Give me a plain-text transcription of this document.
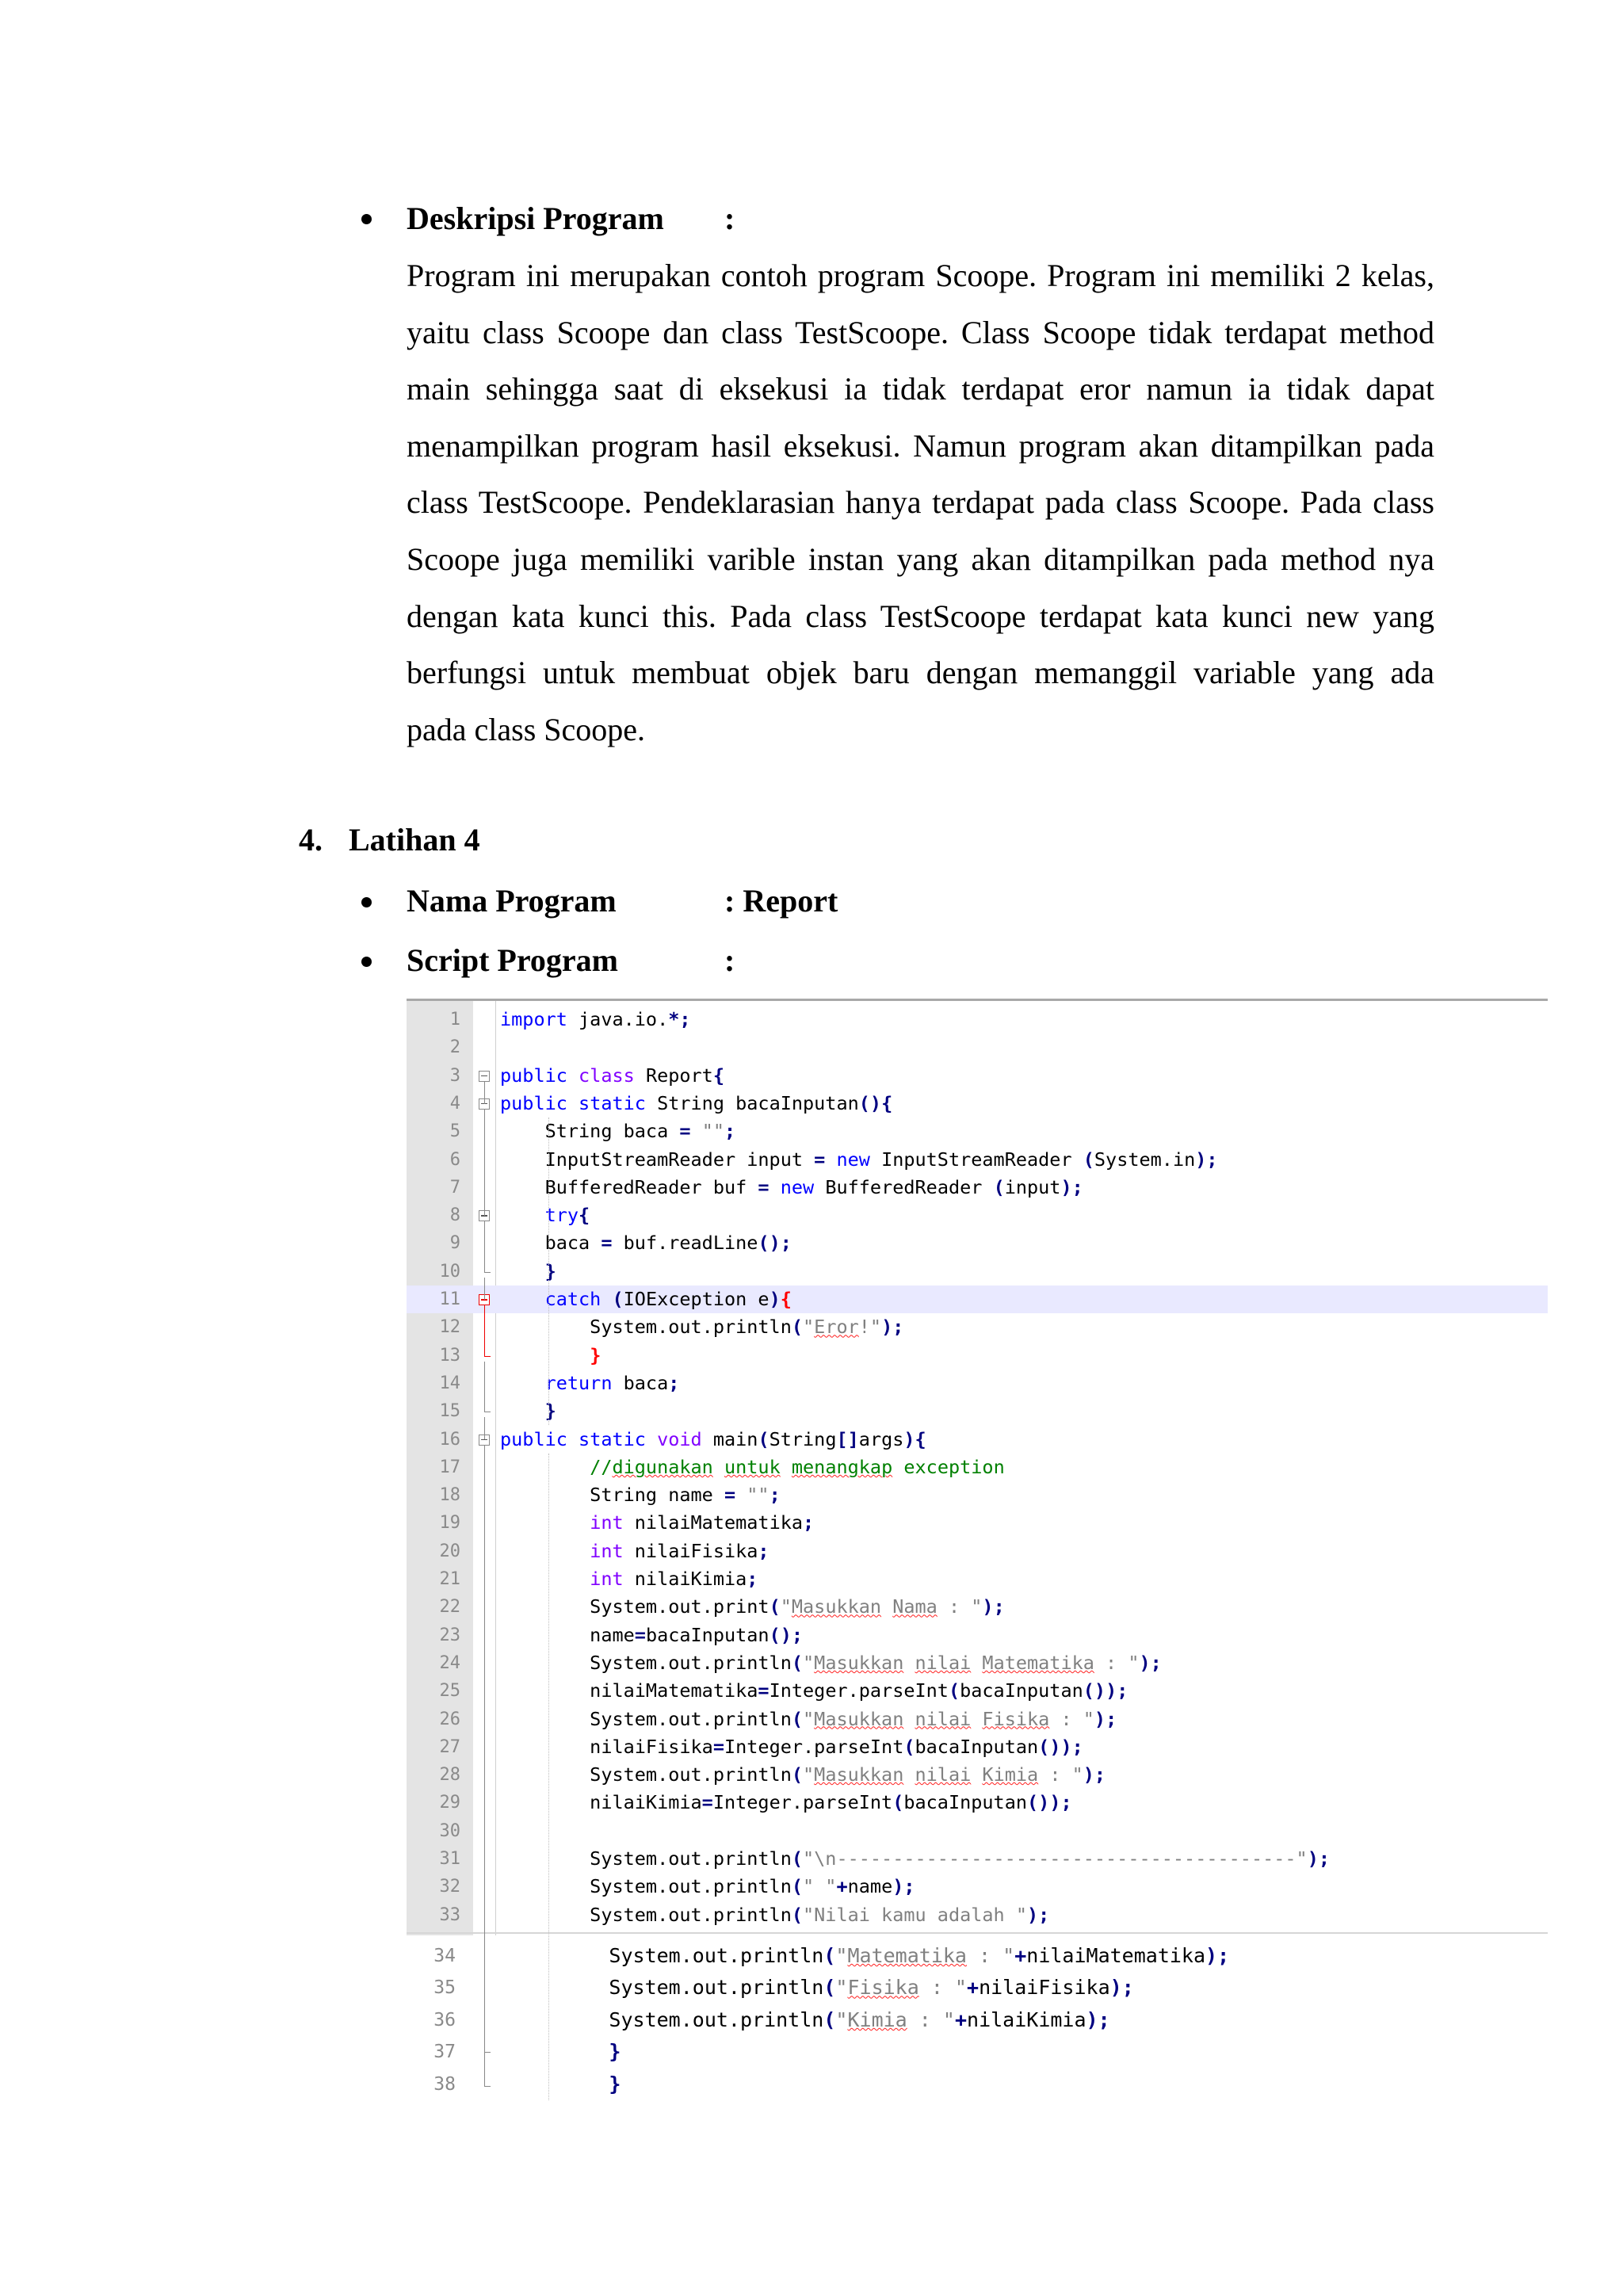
Deskripsi Program :
Program ini merupakan contoh program Scoope. Program ini memiliki 2 kelas,
yaitu class Scoope dan class TestScoope. Class Scoope tidak terdapat method
main sehingga saat di eksekusi ia tidak terdapat eror namun ia tidak dapat
menampilkan program hasil eksekusi. Namun program akan ditampilkan pada
class TestScoope. Pendeklarasian hanya terdapat pada class Scoope. Pada class
Scoope juga memiliki varible instan yang akan ditampilkan pada method nya
dengan kata kunci this. Pada class TestScoope terdapat kata kunci new yang
berfungsi untuk membuat objek baru dengan memanggil variable yang ada
pada class Scoope.
4. Latihan 4
Nama Program	: Report
Script Program	:
1 import java.io.*;
2
3 public class Report{
4 public static String bacaInputan(){
5 String baca = "";
6 InputStreamReader input = new InputStreamReader (System.in);
7 BufferedReader buf = new BufferedReader (input);
8	try{
9 baca = buf.readLine();
10	}
11	catch (IOException e){
12 System.out.println("Eror!");
13	}
14	return baca;
15	}
16 public static void main(String[]args){
17	//digunakan untuk menangkap exception
18 String name = "";
19	int nilaiMatematika;
20	int nilaiFisika;
21	int nilaiKimia;
22 System.out.print("Masukkan Nama : ");
23 name=bacaInputan();
24 System.out.println("Masukkan nilai Matematika : ");
25 nilaiMatematika=Integer.parseInt(bacaInputan());
26 System.out.println("Masukkan nilai Fisika : ");
27 nilaiFisika=Integer.parseInt(bacaInputan());
28 System.out.println("Masukkan nilai Kimia : ");
29 nilaiKimia=Integer.parseInt(bacaInputan());
30
31 System.out.println("\n-----------------------------------------");
32 System.out.println(" "+name);
33 System.out.println("Nilai kamu adalah ");
34	System.out.println("Matematika : "+nilaiMatematika);
35	System.out.println("Fisika : "+nilaiFisika);
36	System.out.println("Kimia : "+nilaiKimia);
37	}
38	}
